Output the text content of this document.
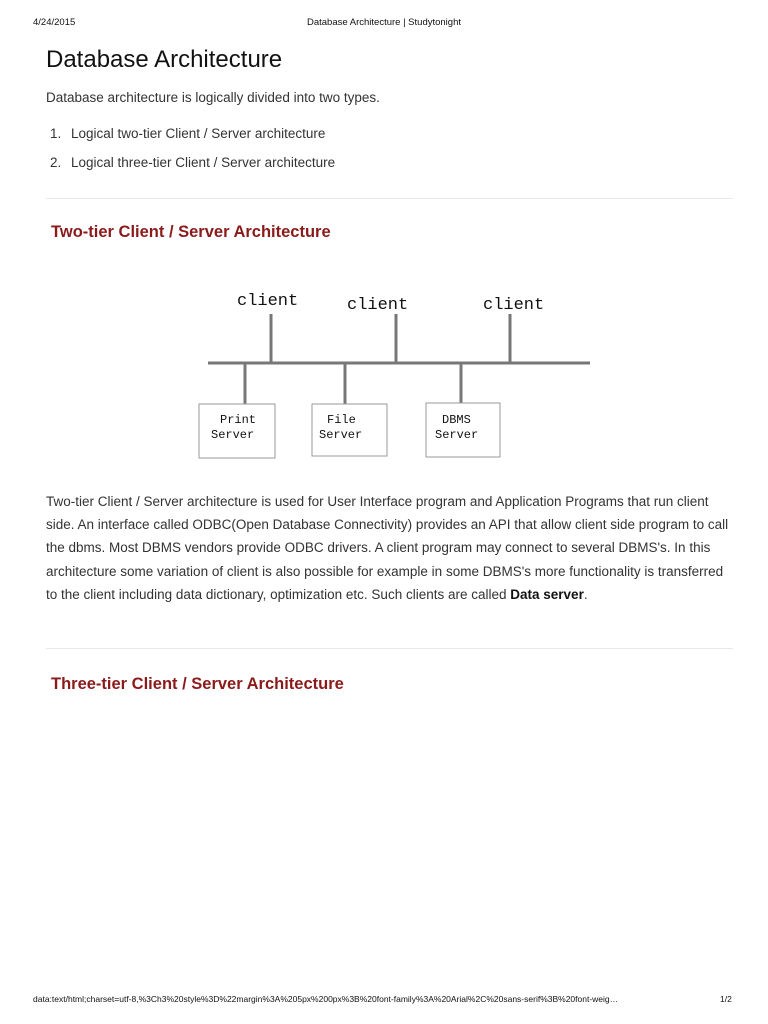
4/24/2015	Database Architecture | Studytonight
Database Architecture

Database architecture is logically divided into two types.

1. Logical two-tier Client / Server architecture
2. Logical three-tier Client / Server architecture
Two-tier Client / Server Architecture
client	client	client
Print
Server
File
Server
DBMS
Server

Two-tier Client / Server architecture is used for User Interface program and Application Programs that run client side. An interface called ODBC(Open Database Connectivity) provides an API that allow client side program to call the dbms. Most DBMS vendors provide ODBC drivers. A client program may connect to several DBMS's. In this architecture some variation of client is also possible for example in some DBMS's more functionality is transferred to the client including data dictionary, optimization etc. Such clients are called Data server.

Three-tier Client / Server Architecture
data:text/html;charset=utf-8,%3Ch3%20style%3D%22margin%3A%205px%200px%3B%20font-family%3A%20Arial%2C%20sans-serif%3B%20font-weig…	1/2
